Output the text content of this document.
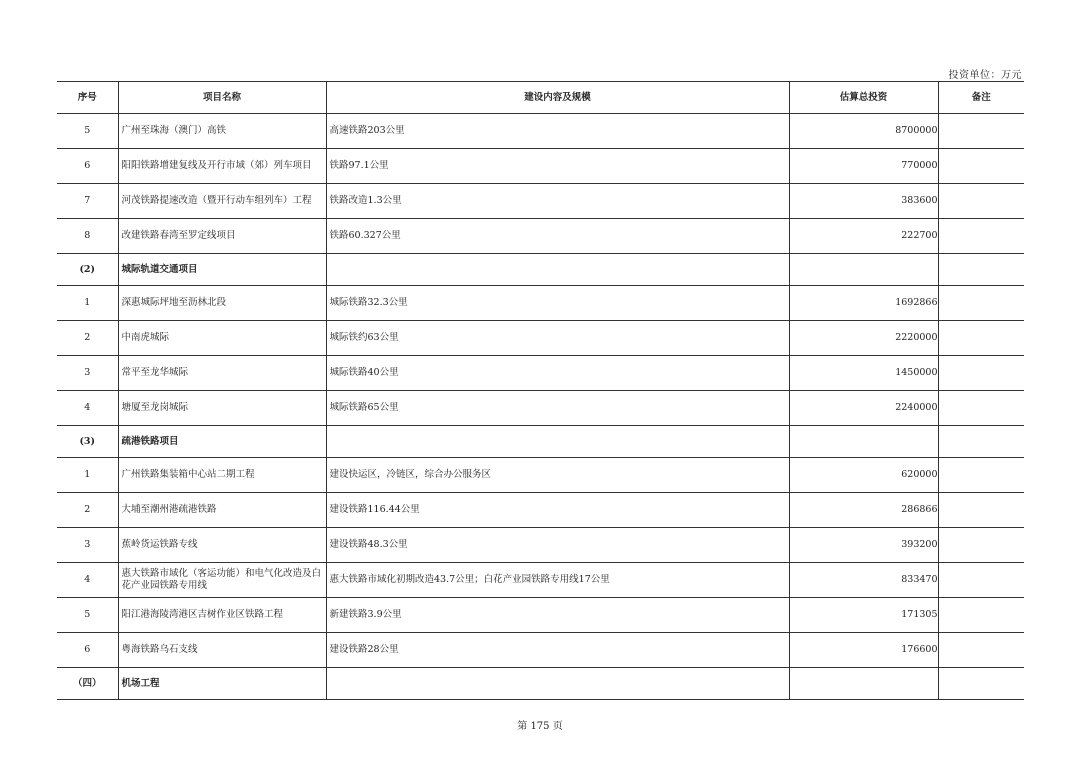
投资单位：万元
序号	项目名称	建设内容及规模	估算总投资	备注
5	广州至珠海（澳门）高铁	高速铁路203公里	8700000	
6	阳阳铁路增建复线及开行市域（郊）列车项目	铁路97.1公里	770000	
7	河茂铁路提速改造（暨开行动车组列车）工程	铁路改造1.3公里	383600	
8	改建铁路春湾至罗定线项目	铁路60.327公里	222700	
(2)	城际轨道交通项目			
1	深惠城际坪地至沥林北段	城际铁路32.3公里	1692866	
2	中南虎城际	城际铁约63公里	2220000	
3	常平至龙华城际	城际铁路40公里	1450000	
4	塘厦至龙岗城际	城际铁路65公里	2240000	
(3)	疏港铁路项目			
1	广州铁路集装箱中心站二期工程	建设快运区，冷链区，综合办公服务区	620000	
2	大埔至潮州港疏港铁路	建设铁路116.44公里	286866	
3	蕉岭货运铁路专线	建设铁路48.3公里	393200	
4	惠大铁路市域化（客运功能）和电气化改造及白花产业园铁路专用线	惠大铁路市域化初期改造43.7公里；白花产业园铁路专用线17公里	833470	
5	阳江港海陵湾港区吉树作业区铁路工程	新建铁路3.9公里	171305	
6	粤海铁路乌石支线	建设铁路28公里	176600	
（四）	机场工程			
第 175 页
